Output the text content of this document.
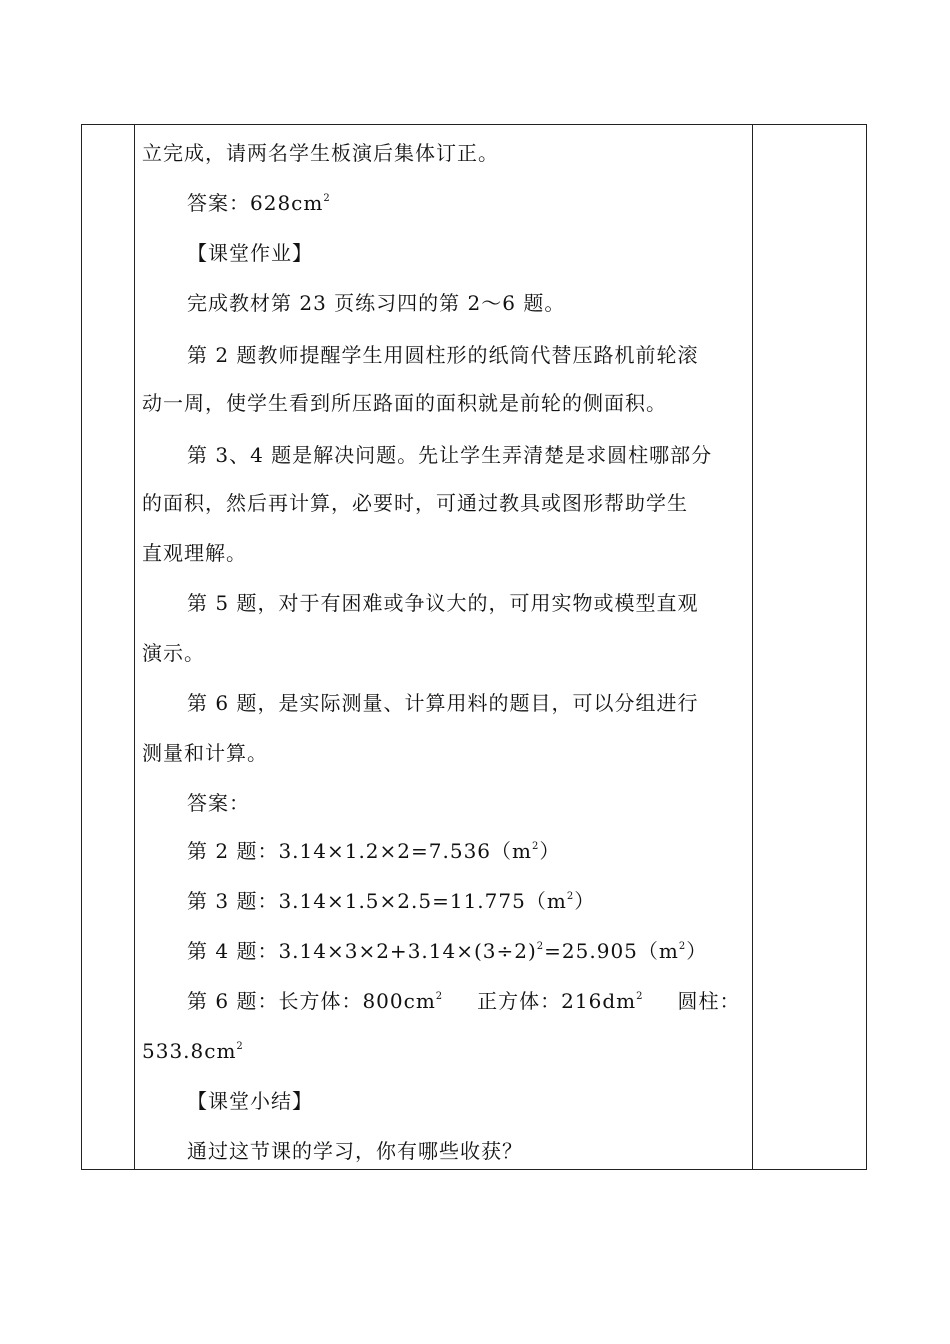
立完成，请两名学生板演后集体订正。
答案：$628cm^2$
【课堂作业】
完成教材第 23 页练习四的第 2～6 题。
第 2 题教师提醒学生用圆柱形的纸筒代替压路机前轮滚
动一周，使学生看到所压路面的面积就是前轮的侧面积。
第 3、4 题是解决问题。先让学生弄清楚是求圆柱哪部分
的面积，然后再计算，必要时，可通过教具或图形帮助学生
直观理解。
第 5 题，对于有困难或争议大的，可用实物或模型直观
演示。
第 6 题，是实际测量、计算用料的题目，可以分组进行
测量和计算。
答案：
第 2 题：$3.14\times 1.2\times 2=7.536(m^2)$
第 3 题：$3.14\times 1.5\times 2.5=11.775(m^2)$
第 4 题：$3.14\times 3\times 2+3.14\times(3\div 2)^2=25.905(m^2)$
第 6 题：长方体：$800cm^2$ 正方体：$216dm^2$ 圆柱：
$533.8cm^2$
【课堂小结】
通过这节课的学习，你有哪些收获？
